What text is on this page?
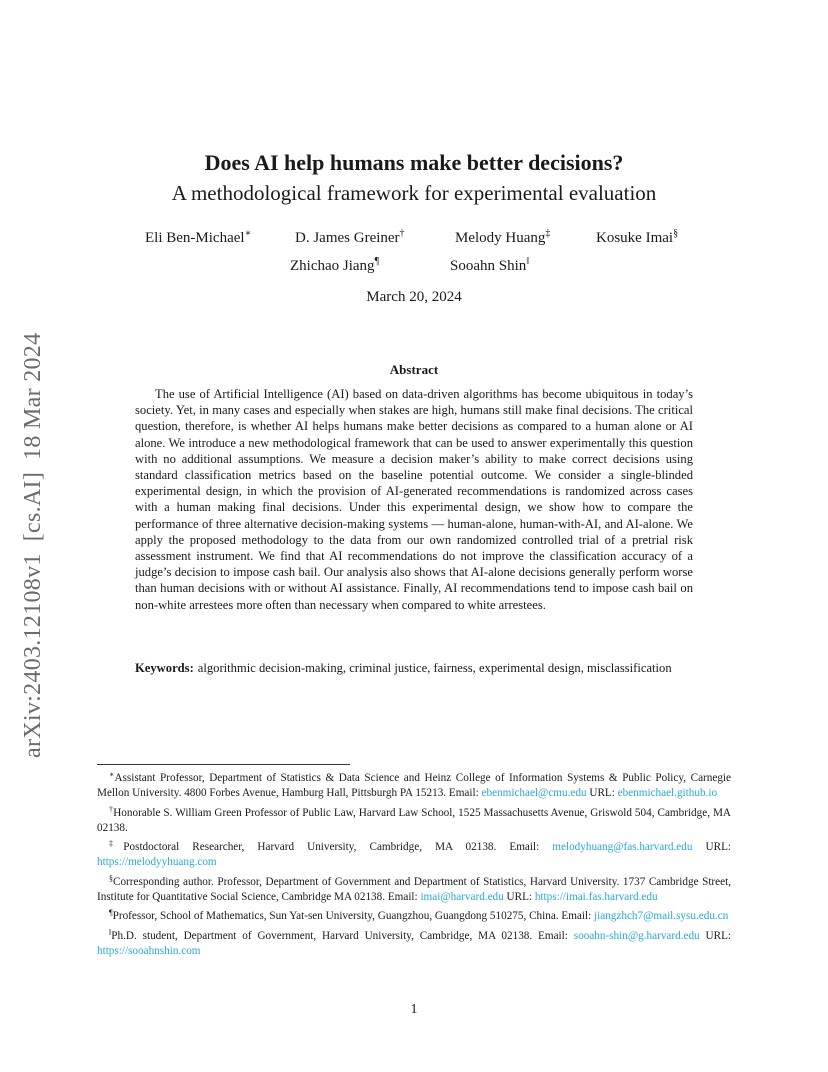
arXiv:2403.12108v1[cs.AI]18 Mar 2024
Does AI help humans make better decisions?
A methodological framework for experimental evaluation
Eli Ben-Michael∗	D. James Greiner†	Melody Huang‡	Kosuke Imai§
Zhichao Jiang¶	Sooahn Shin‖
March 20, 2024
Abstract
The use of Artificial Intelligence (AI) based on data-driven algorithms has become ubiquitous in today’s society. Yet, in many cases and especially when stakes are high, humans still make final decisions. The critical question, therefore, is whether AI helps humans make better decisions as compared to a human alone or AI alone. We introduce a new methodological framework that can be used to answer experimentally this question with no additional assumptions. We measure a decision maker’s ability to make correct decisions using standard classification metrics based on the baseline potential outcome. We consider a single-blinded experimental design, in which the provision of AI-generated recommendations is randomized across cases with a human making final decisions. Under this experimental design, we show how to compare the performance of three alternative decision-making systems — human-alone, human-with-AI, and AI-alone. We apply the proposed methodology to the data from our own randomized controlled trial of a pretrial risk assessment instrument. We find that AI recommendations do not improve the classification accuracy of a judge’s decision to impose cash bail. Our analysis also shows that AI-alone decisions generally perform worse than human decisions with or without AI assistance. Finally, AI recommendations tend to impose cash bail on non-white arrestees more often than necessary when compared to white arrestees.
Keywords: algorithmic decision-making, criminal justice, fairness, experimental design, misclassification

∗Assistant Professor, Department of Statistics & Data Science and Heinz College of Information Systems & Public Policy, Carnegie Mellon University. 4800 Forbes Avenue, Hamburg Hall, Pittsburgh PA 15213. Email: ebenmichael@cmu.edu URL: ebenmichael.github.io

†Honorable S. William Green Professor of Public Law, Harvard Law School, 1525 Massachusetts Avenue, Griswold 504, Cambridge, MA 02138.

‡Postdoctoral Researcher, Harvard University, Cambridge, MA 02138. Email: melodyhuang@fas.harvard.edu URL: https://melodyyhuang.com

§Corresponding author. Professor, Department of Government and Department of Statistics, Harvard University. 1737 Cambridge Street, Institute for Quantitative Social Science, Cambridge MA 02138. Email: imai@harvard.edu URL: https://imai.fas.harvard.edu

¶Professor, School of Mathematics, Sun Yat-sen University, Guangzhou, Guangdong 510275, China. Email: jiangzhch7@mail.sysu.edu.cn

‖Ph.D. student, Department of Government, Harvard University, Cambridge, MA 02138. Email: sooahn-shin@g.harvard.edu URL: https://sooahnshin.com

1
